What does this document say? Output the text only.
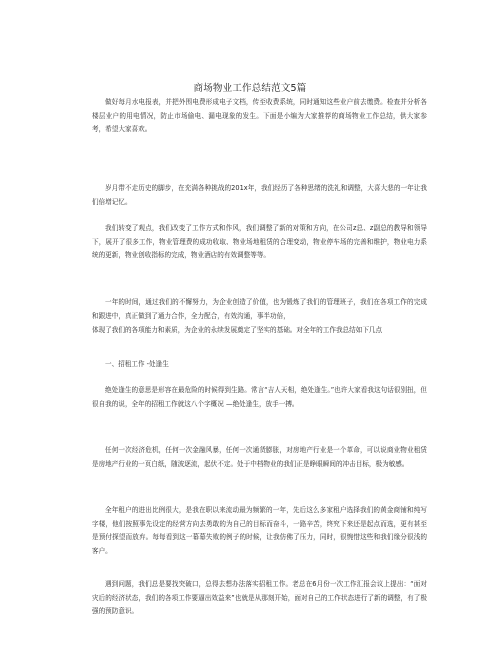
商场物业工作总结范文5篇

做好每月水电报表，并把外围电费形成电子文档，传至收费系统，同时通知这些业户前去缴费。检查并分析各楼层业户的用电情况，防止市场偷电、漏电现象的发生。下面是小编为大家推荐的商场物业工作总结，供大家参考，希望大家喜欢。

岁月带不走历史的脚步，在充满各种挑战的201x年，我们经历了各种思绪的洗礼和调整，大喜大悲的一年让我们倍增记忆。

我们转变了观点，我们改变了工作方式和作风，我们调整了新的对策和方向，在公司z总、z副总的教导和领导下，展开了很多工作，物业管理费的成功收取、物业场地租赁的合理变动，物业停车场的完善和维护，物业电力系统的更新，物业创收指标的完成，物业酒店的有效调整等等。

一年的时间，通过我们的不懈努力，为企业创造了价值，也为锻炼了我们的管理班子，我们在各项工作的完成和跟进中，真正做到了通力合作，全力配合，有效沟通，事半功倍，

体现了我们的各项能力和素质，为企业的永续发展奠定了坚实的基础。对全年的工作我总结如下几点

一、招租工作 -处逢生

绝处逢生的意思是形容在最危险的时候得到生路。常言“吉人天相，绝处逢生。”也许大家看我这句话很别扭，但很自我的说，全年的招租工作就这八个字概况 —绝处逢生，放手一搏。

任何一次经济危机，任何一次金融风暴，任何一次通货膨胀，对房地产行业是一个革命，可以说商业物业租赁是房地产行业的一页白纸，随波逐流，起伏不定。处于中档物业的我们正是睁眼瞬间的冲击目标，极为敏感。

全年租户的进出比例很大，是我在职以来流动最为频繁的一年，先后这么多家租户选择我们的黄金商铺和纯写字楼，他们按照事先设定的经营方向去勇敢的为自己的目标而奋斗，一路辛苦，终究下来还是起点而选，更有甚至是预付探望而放弃。每每看到这一幕幕失败的例子的时候，让我仿佛了压力，同时，很惋惜这些和我们缘分很浅的客户。

遇到问题，我们总是要找突破口，总得去想办法落实招租工作。老总在6月份一次工作汇报会议上提出：“面对灾后的经济状态，我们的各项工作要逼出效益来”也就是从那刻开始，面对自己的工作状态进行了新的调整，有了极强的预防意识。
